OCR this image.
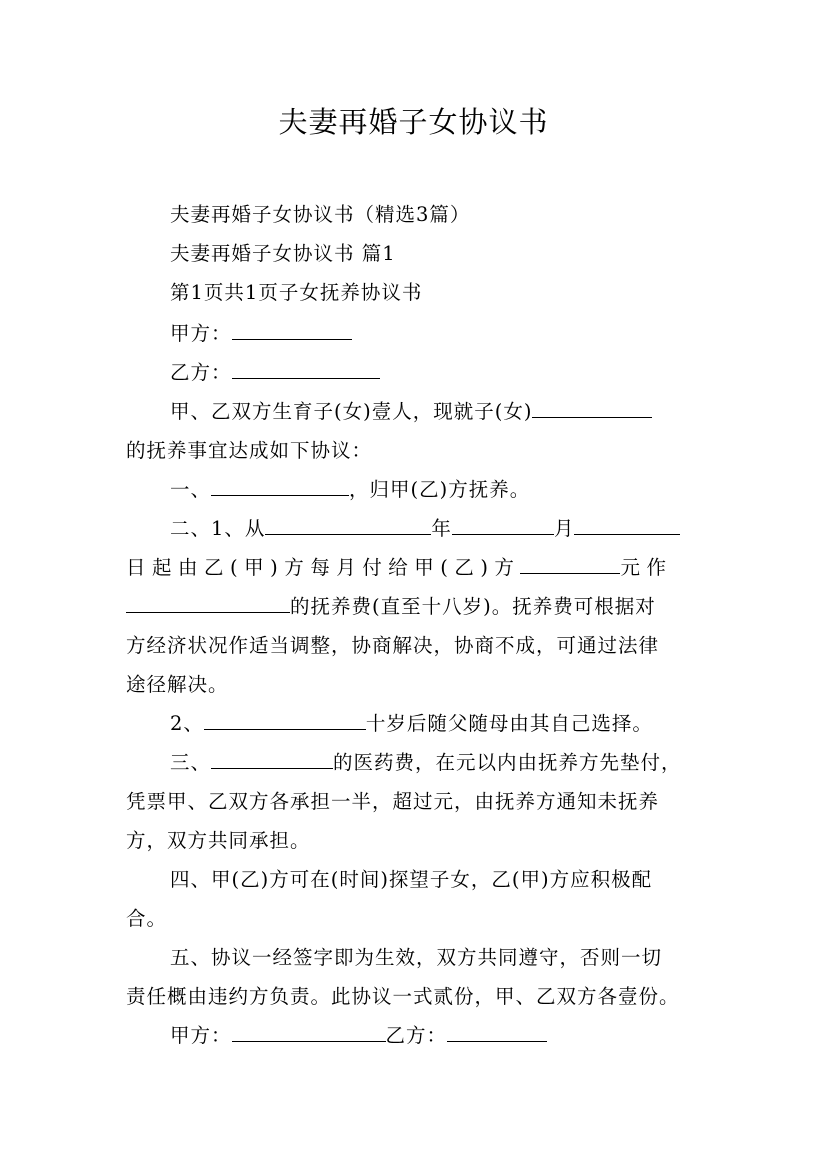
夫妻再婚子女协议书
夫妻再婚子女协议书（精选3篇）
夫妻再婚子女协议书 篇1
第1页共1页子女抚养协议书
甲方：
乙方：
甲、乙双方生育子(女)壹人，现就子(女)
的抚养事宜达成如下协议：
一、	，归甲(乙)方抚养。
二、1、从	年	月
日起由乙(甲)方每月付给甲(乙)方	元作
的抚养费(直至十八岁)。抚养费可根据对
方经济状况作适当调整，协商解决，协商不成，可通过法律
途径解决。
2、	十岁后随父随母由其自己选择。
三、	的医药费，在元以内由抚养方先垫付，
凭票甲、乙双方各承担一半，超过元，由抚养方通知未抚养
方，双方共同承担。
四、甲(乙)方可在(时间)探望子女，乙(甲)方应积极配
合。
五、协议一经签字即为生效，双方共同遵守，否则一切
责任概由违约方负责。此协议一式贰份，甲、乙双方各壹份。
甲方：	乙方：
